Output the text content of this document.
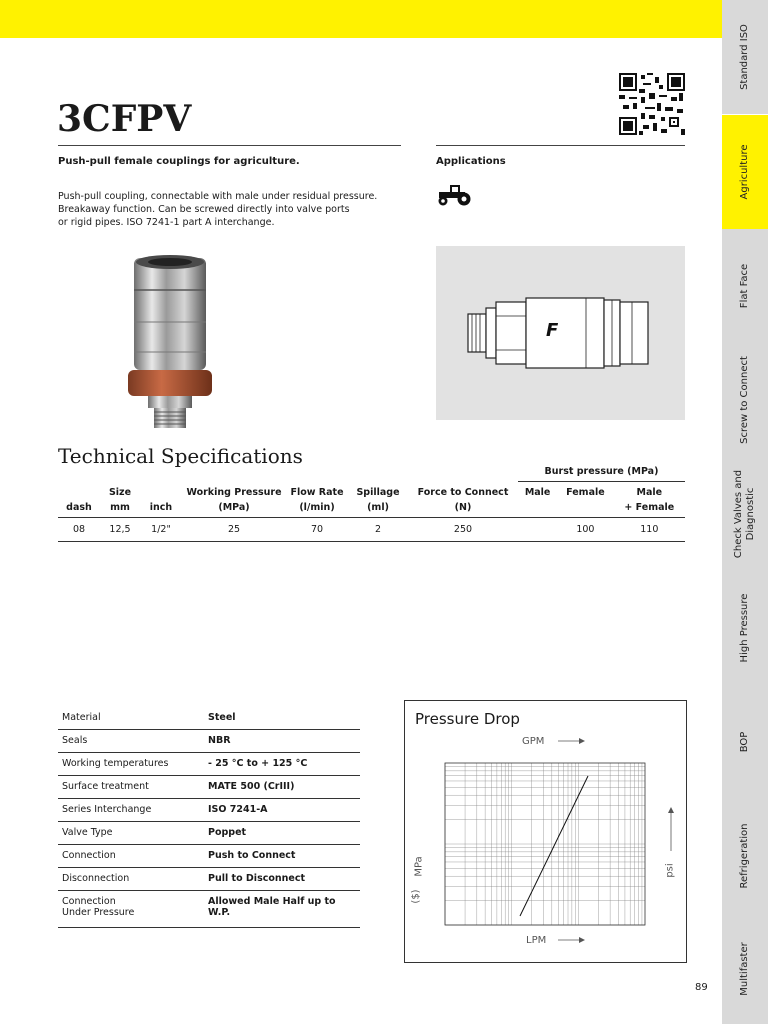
Standard ISO
Agriculture
Flat Face
Screw to Connect
Check Valves and Diagnostic
High Pressure
BOP
Refrigeration
Multifaster
3CFPV
Push-pull female couplings for agriculture.	Applications
Push-pull coupling, connectable with male under residual pressure.
Breakaway function. Can be screwed directly into valve ports
or rigid pipes. ISO 7241-1 part A interchange.
F
Technical Specifications
							Burst pressure (MPa)		
	Size		Working Pressure	Flow Rate	Spillage	Force to Connect	Male	Female	Male
dash	mm	inch	(MPa)	(l/min)	(ml)	(N)			+ Female
08	12,5	1/2"	25	70	2	250		100	110
Material	Steel
Seals	NBR
Working temperatures	- 25 °C to + 125 °C
Surface treatment	MATE 500 (CrIII)
Series Interchange	ISO 7241-A
Valve Type	Poppet
Connection	Push to Connect
Disconnection	Pull to Disconnect
Connection
Under Pressure	Allowed Male Half up to W.P.
Pressure Drop
GPM
LPM
MPa
($)
psi
89
